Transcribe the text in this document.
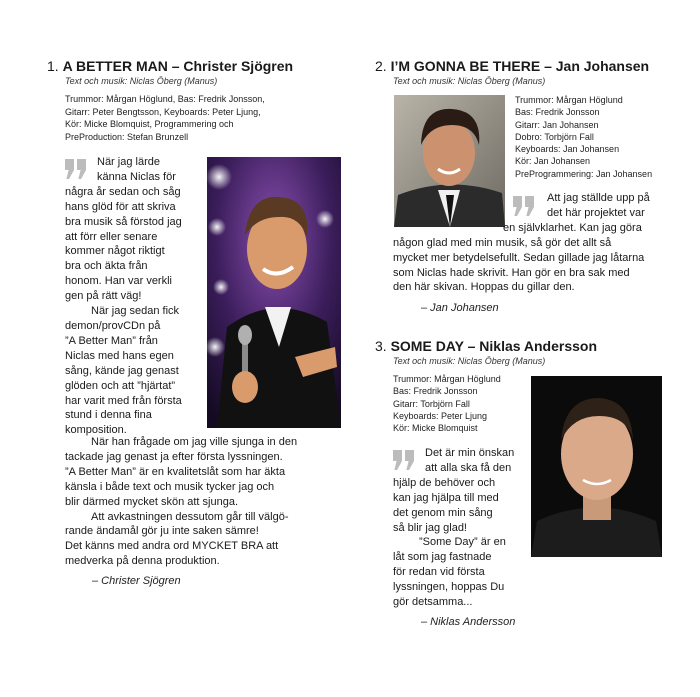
1. A BETTER MAN – Christer Sjögren
Text och musik: Niclas Öberg (Manus)
Trummor: Mårgan Höglund, Bas: Fredrik Jonsson,
Gitarr: Peter Bengtsson, Keyboards: Peter Ljung,
Kör: Micke Blomquist, Programmering och
PreProduction: Stefan Brunzell
När jag lärde
känna Niclas för
några år sedan och såg
hans glöd för att skriva
bra musik så förstod jag
att förr eller senare
kommer något riktigt
bra och äkta från
honom. Han var verkli
gen på rätt väg!
När jag sedan fick
demon/provCDn på
”A Better Man” från
Niclas med hans egen
sång, kände jag genast
glöden och att ”hjärtat”
har varit med från första
stund i denna fina
komposition.
När han frågade om jag ville sjunga in den
tackade jag genast ja efter första lyssningen.
”A Better Man” är en kvalitetslåt som har äkta
känsla i både text och musik tycker jag och
blir därmed mycket skön att sjunga.
Att avkastningen dessutom går till välgö-
rande ändamål gör ju inte saken sämre!
Det känns med andra ord MYCKET BRA att
medverka på denna produktion.
– Christer Sjögren
2. I’M GONNA BE THERE – Jan Johansen
Text och musik: Niclas Öberg (Manus)
Trummor: Mårgan Höglund
Bas: Fredrik Jonsson
Gitarr: Jan Johansen
Dobro: Torbjörn Fall
Keyboards: Jan Johansen
Kör: Jan Johansen
PreProgrammering: Jan Johansen
Att jag ställde upp på
det här projektet var
en självklarhet. Kan jag göra
någon glad med min musik, så gör det allt så
mycket mer betydelsefullt. Sedan gillade jag låtarna
som Niclas hade skrivit. Han gör en bra sak med
den här skivan. Hoppas du gillar den.
– Jan Johansen
3. SOME DAY – Niklas Andersson
Text och musik: Niclas Öberg (Manus)
Trummor: Mårgan Höglund
Bas: Fredrik Jonsson
Gitarr: Torbjörn Fall
Keyboards: Peter Ljung
Kör: Micke Blomquist
Det är min önskan
att alla ska få den
hjälp de behöver och
kan jag hjälpa till med
det genom min sång
så blir jag glad!
”Some Day” är en
låt som jag fastnade
för redan vid första
lyssningen, hoppas Du
gör detsamma...
– Niklas Andersson
